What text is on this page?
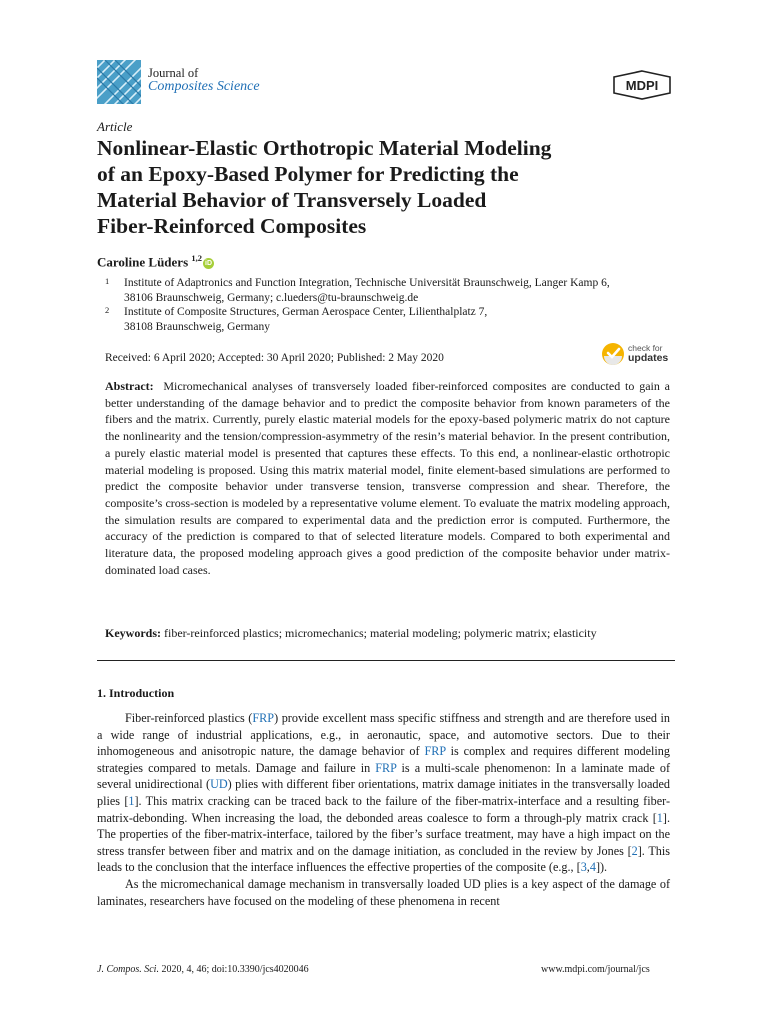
Journal of
Composites Science	MDPI
Article
Nonlinear-Elastic Orthotropic Material Modeling
of an Epoxy-Based Polymer for Predicting the
Material Behavior of Transversely Loaded
Fiber-Reinforced Composites
Caroline Lüders $^{1,2}$iD
1 Institute of Adaptronics and Function Integration, Technische Universität Braunschweig, Langer Kamp 6,
38106 Braunschweig, Germany; c.lueders@tu-braunschweig.de
2 Institute of Composite Structures, German Aerospace Center, Lilienthalplatz 7,
38108 Braunschweig, Germany
Received: 6 April 2020; Accepted: 30 April 2020; Published: 2 May 2020
check for
updates

Abstract: Micromechanical analyses of transversely loaded fiber-reinforced composites are conducted to gain a better understanding of the damage behavior and to predict the composite behavior from known parameters of the fibers and the matrix. Currently, purely elastic material models for the epoxy-based polymeric matrix do not capture the nonlinearity and the tension/compression-asymmetry of the resin’s material behavior. In the present contribution, a purely elastic material model is presented that captures these effects. To this end, a nonlinear-elastic orthotropic material modeling is proposed. Using this matrix material model, finite element-based simulations are performed to predict the composite behavior under transverse tension, transverse compression and shear. Therefore, the composite’s cross-section is modeled by a representative volume element. To evaluate the matrix modeling approach, the simulation results are compared to experimental data and the prediction error is computed. Furthermore, the accuracy of the prediction is compared to that of selected literature models. Compared to both experimental and literature data, the proposed modeling approach gives a good prediction of the composite behavior under matrix-dominated load cases.

Keywords: fiber-reinforced plastics; micromechanics; material modeling; polymeric matrix; elasticity
1. Introduction

Fiber-reinforced plastics (FRP) provide excellent mass specific stiffness and strength and are therefore used in a wide range of industrial applications, e.g., in aeronautic, space, and automotive sectors. Due to their inhomogeneous and anisotropic nature, the damage behavior of FRP is complex and requires different modeling strategies compared to metals. Damage and failure in FRP is a multi-scale phenomenon: In a laminate made of several unidirectional (UD) plies with different fiber orientations, matrix damage initiates in the transversally loaded plies [1]. This matrix cracking can be traced back to the failure of the fiber-matrix-interface and a resulting fiber-matrix-debonding. When increasing the load, the debonded areas coalesce to form a through-ply matrix crack [1]. The properties of the fiber-matrix-interface, tailored by the fiber’s surface treatment, may have a high impact on the stress transfer between fiber and matrix and on the damage initiation, as concluded in the review by Jones [2]. This leads to the conclusion that the interface influences the effective properties of the composite (e.g., [3,4]).

As the micromechanical damage mechanism in transversally loaded UD plies is a key aspect of the damage of laminates, researchers have focused on the modeling of these phenomena in recent

J. Compos. Sci. 2020, 4, 46; doi:10.3390/jcs4020046	www.mdpi.com/journal/jcs
